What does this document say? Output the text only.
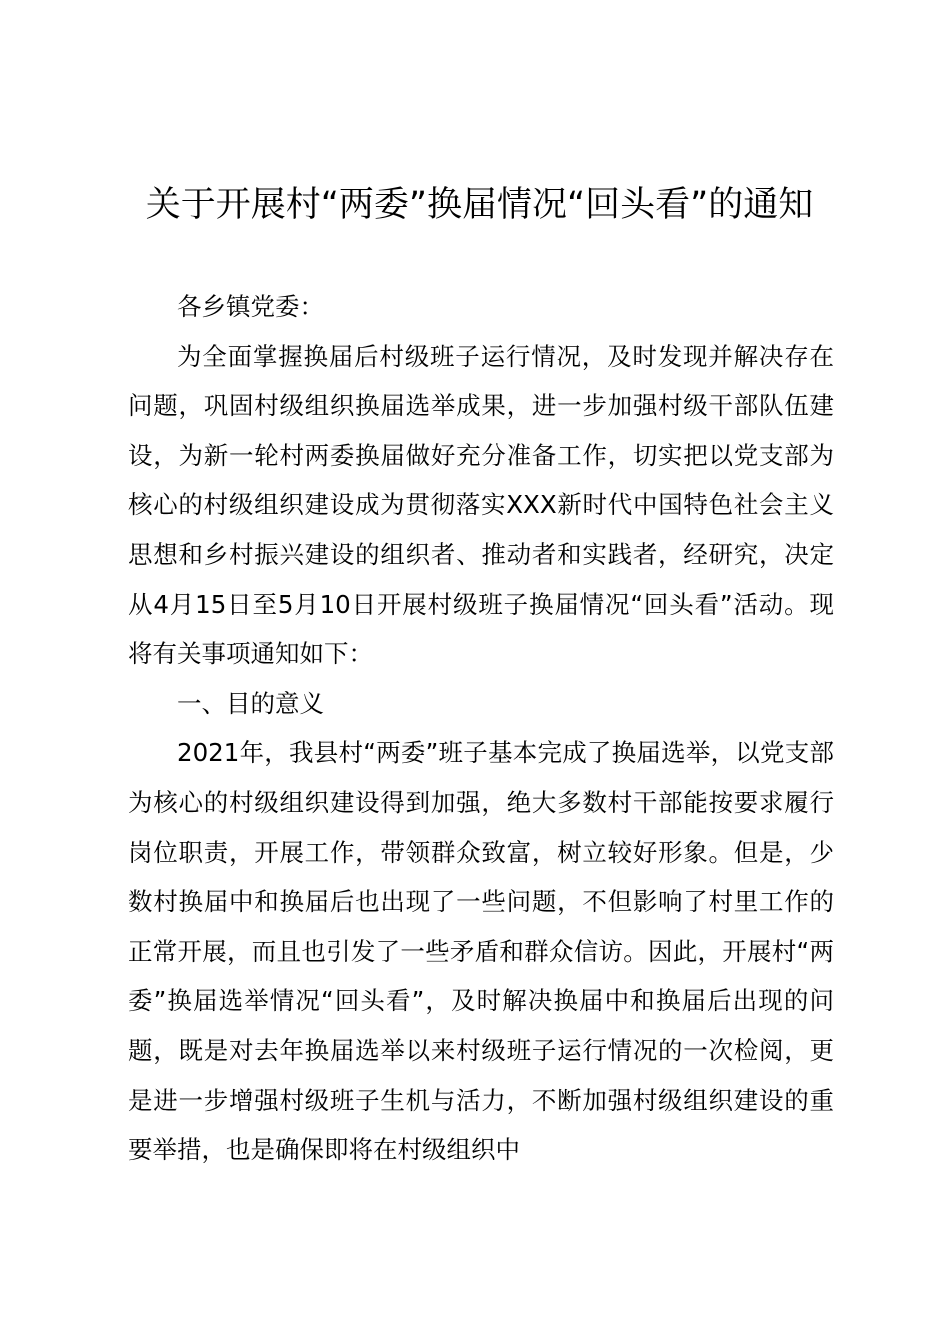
关于开展村“两委”换届情况“回头看”的通知

各乡镇党委：

为全面掌握换届后村级班子运行情况，及时发现并解决存在问题，巩固村级组织换届选举成果，进一步加强村级干部队伍建设，为新一轮村两委换届做好充分准备工作，切实把以党支部为核心的村级组织建设成为贯彻落实XXX新时代中国特色社会主义思想和乡村振兴建设的组织者、推动者和实践者，经研究，决定从4月15日至5月10日开展村级班子换届情况“回头看”活动。现将有关事项通知如下：

一、目的意义

2021年，我县村“两委”班子基本完成了换届选举，以党支部为核心的村级组织建设得到加强，绝大多数村干部能按要求履行岗位职责，开展工作，带领群众致富，树立较好形象。但是，少数村换届中和换届后也出现了一些问题，不但影响了村里工作的正常开展，而且也引发了一些矛盾和群众信访。因此，开展村“两委”换届选举情况“回头看”，及时解决换届中和换届后出现的问题，既是对去年换届选举以来村级班子运行情况的一次检阅，更是进一步增强村级班子生机与活力，不断加强村级组织建设的重要举措，也是确保即将在村级组织中
